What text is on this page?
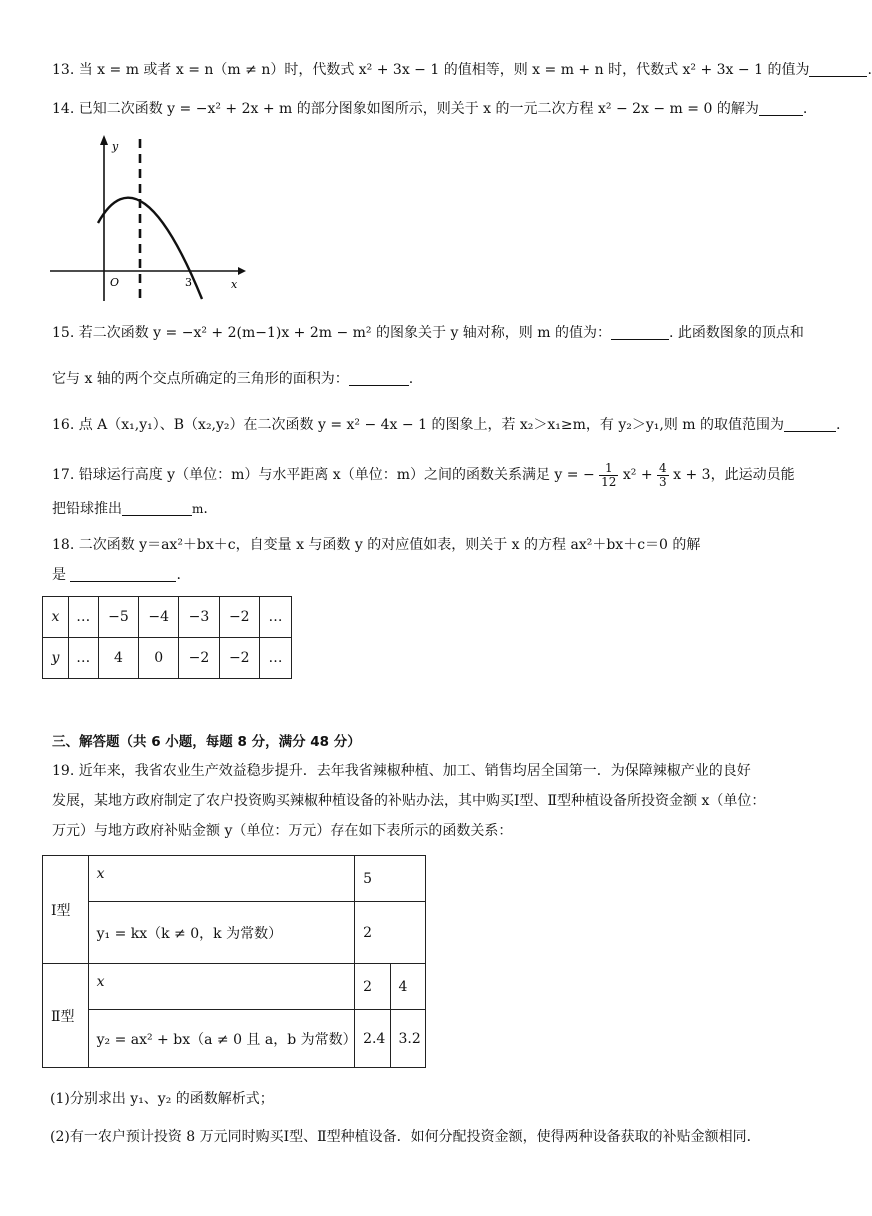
13. 当 x = m 或者 x = n（m ≠ n）时，代数式 x² + 3x − 1 的值相等，则 x = m + n 时，代数式 x² + 3x − 1 的值为	.
14. 已知二次函数 y = −x² + 2x + m 的部分图象如图所示，则关于 x 的一元二次方程 x² − 2x − m = 0 的解为	.
y
x
O	3
15. 若二次函数 y = −x² + 2(m−1)x + 2m − m² 的图象关于 y 轴对称，则 m 的值为：	. 此函数图象的顶点和
它与 x 轴的两个交点所确定的三角形的面积为：	.
16. 点 A（x₁,y₁）、B（x₂,y₂）在二次函数 y = x² − 4x − 1 的图象上，若 x₂＞x₁≥m，有 y₂＞y₁,则 m 的取值范围为	.
17. 铅球运行高度 y（单位：m）与水平距离 x（单位：m）之间的函数关系满足 y = − $\frac{1}{12} x^2 + \frac{4}{3}$ x + 3，此运动员能
把铅球推出	m.
18. 二次函数 y＝ax²＋bx＋c，自变量 x 与函数 y 的对应值如表，则关于 x 的方程 ax²＋bx＋c＝0 的解
是	.
x	…	−5	−4	−3	−2	…
y	…	4	0	−2	−2	…
三、解答题（共 6 小题，每题 8 分，满分 48 分）
19. 近年来，我省农业生产效益稳步提升．去年我省辣椒种植、加工、销售均居全国第一．为保障辣椒产业的良好
发展，某地方政府制定了农户投资购买辣椒种植设备的补贴办法，其中购买Ⅰ型、Ⅱ型种植设备所投资金额 x（单位：
万元）与地方政府补贴金额 y（单位：万元）存在如下表所示的函数关系：
Ⅰ型	x	5	
	y₁ = kx（k ≠ 0，k 为常数）	2	
Ⅱ型	x	2	4
	y₂ = ax² + bx（a ≠ 0 且 a，b 为常数）	2.4	3.2
(1)分别求出 y₁、y₂ 的函数解析式；
(2)有一农户预计投资 8 万元同时购买Ⅰ型、Ⅱ型种植设备．如何分配投资金额，使得两种设备获取的补贴金额相同．
